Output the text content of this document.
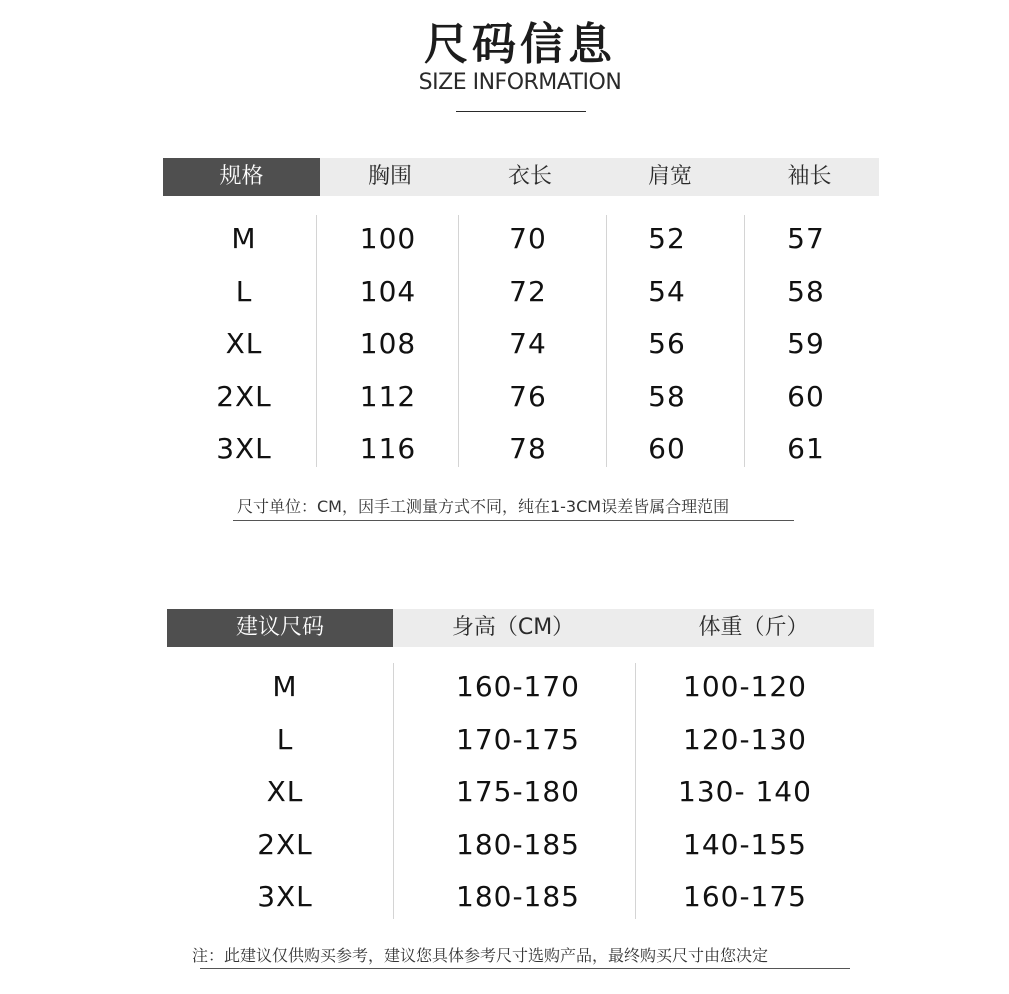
尺码信息
SIZE INFORMATION
规格	胸围	衣长	肩宽	袖长
M	100	70	52	57
L	104	72	54	58
XL	108	74	56	59
2XL	112	76	58	60
3XL	116	78	60	61
尺寸单位：CM，因手工测量方式不同，纯在1-3CM误差皆属合理范围
建议尺码	身高（CM）	体重（斤）
M	160-170	100-120
L	170-175	120-130
XL	175-180	130- 140
2XL	180-185	140-155
3XL	180-185	160-175
注：此建议仅供购买参考，建议您具体参考尺寸选购产品，最终购买尺寸由您决定
